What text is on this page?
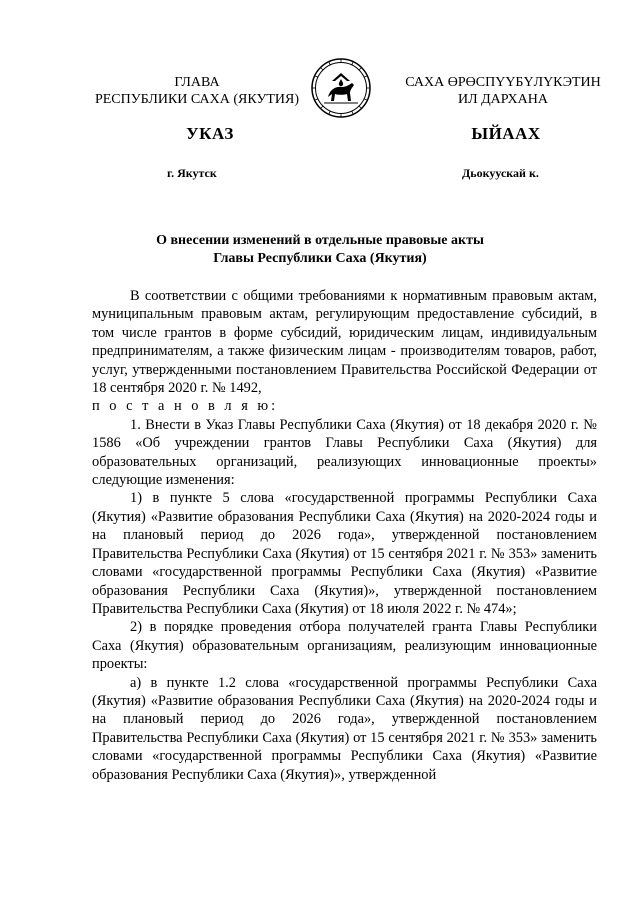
ГЛАВА
РЕСПУБЛИКИ САХА (ЯКУТИЯ)
САХА ӨРӨСПҮҮБҮЛҮКЭТИН
ИЛ ДАРХАНА
УКАЗ	ЫЙААХ
г. Якутск	Дьокуускай к.
О внесении изменений в отдельные правовые акты
Главы Республики Саха (Якутия)

В соответствии с общими требованиями к нормативным правовым актам, муниципальным правовым актам, регулирующим предоставление субсидий, в том числе грантов в форме субсидий, юридическим лицам, индивидуальным предпринимателям, а также физическим лицам - производителям товаров, работ, услуг, утвержденными постановлением Правительства Российской Федерации от 18 сентября 2020 г. № 1492,

п о с т а н о в л я ю:

1. Внести в Указ Главы Республики Саха (Якутия) от 18 декабря 2020 г. № 1586 «Об учреждении грантов Главы Республики Саха (Якутия) для образовательных организаций, реализующих инновационные проекты» следующие изменения:

1) в пункте 5 слова «государственной программы Республики Саха (Якутия) «Развитие образования Республики Саха (Якутия) на 2020-2024 годы и на плановый период до 2026 года», утвержденной постановлением Правительства Республики Саха (Якутия) от 15 сентября 2021 г. № 353» заменить словами «государственной программы Республики Саха (Якутия) «Развитие образования Республики Саха (Якутия)», утвержденной постановлением Правительства Республики Саха (Якутия) от 18 июля 2022 г. № 474»;

2) в порядке проведения отбора получателей гранта Главы Республики Саха (Якутия) образовательным организациям, реализующим инновационные проекты:

а) в пункте 1.2 слова «государственной программы Республики Саха (Якутия) «Развитие образования Республики Саха (Якутия) на 2020-2024 годы и на плановый период до 2026 года», утвержденной постановлением Правительства Республики Саха (Якутия) от 15 сентября 2021 г. № 353» заменить словами «государственной программы Республики Саха (Якутия) «Развитие образования Республики Саха (Якутия)», утвержденной
